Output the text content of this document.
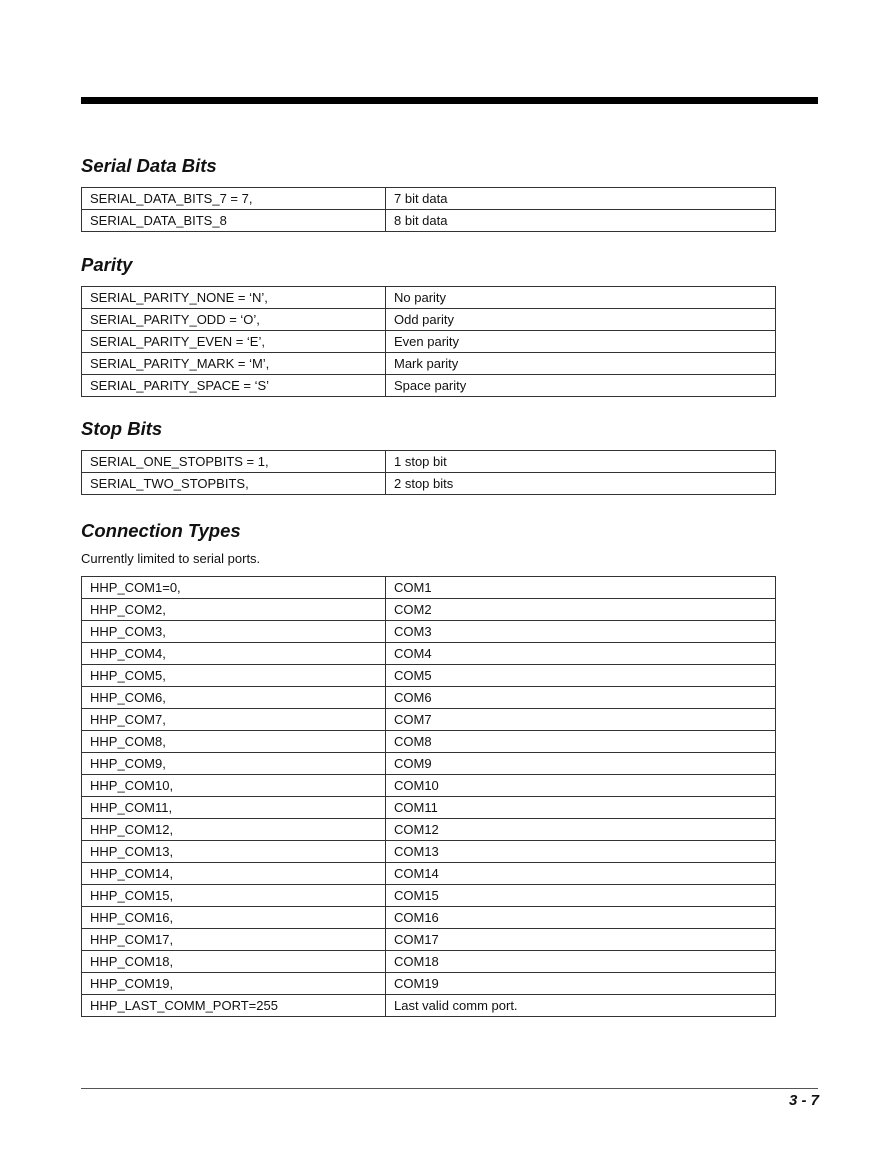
Serial Data Bits
SERIAL_DATA_BITS_7 = 7,	7 bit data
SERIAL_DATA_BITS_8	8 bit data
Parity
SERIAL_PARITY_NONE = ‘N’,	No parity
SERIAL_PARITY_ODD = ‘O’,	Odd parity
SERIAL_PARITY_EVEN = ‘E’,	Even parity
SERIAL_PARITY_MARK = ‘M’,	Mark parity
SERIAL_PARITY_SPACE = ‘S’	Space parity
Stop Bits
SERIAL_ONE_STOPBITS = 1,	1 stop bit
SERIAL_TWO_STOPBITS,	2 stop bits
Connection Types

Currently limited to serial ports.

HHP_COM1=0,	COM1
HHP_COM2,	COM2
HHP_COM3,	COM3
HHP_COM4,	COM4
HHP_COM5,	COM5
HHP_COM6,	COM6
HHP_COM7,	COM7
HHP_COM8,	COM8
HHP_COM9,	COM9
HHP_COM10,	COM10
HHP_COM11,	COM11
HHP_COM12,	COM12
HHP_COM13,	COM13
HHP_COM14,	COM14
HHP_COM15,	COM15
HHP_COM16,	COM16
HHP_COM17,	COM17
HHP_COM18,	COM18
HHP_COM19,	COM19
HHP_LAST_COMM_PORT=255	Last valid comm port.
3 - 7
